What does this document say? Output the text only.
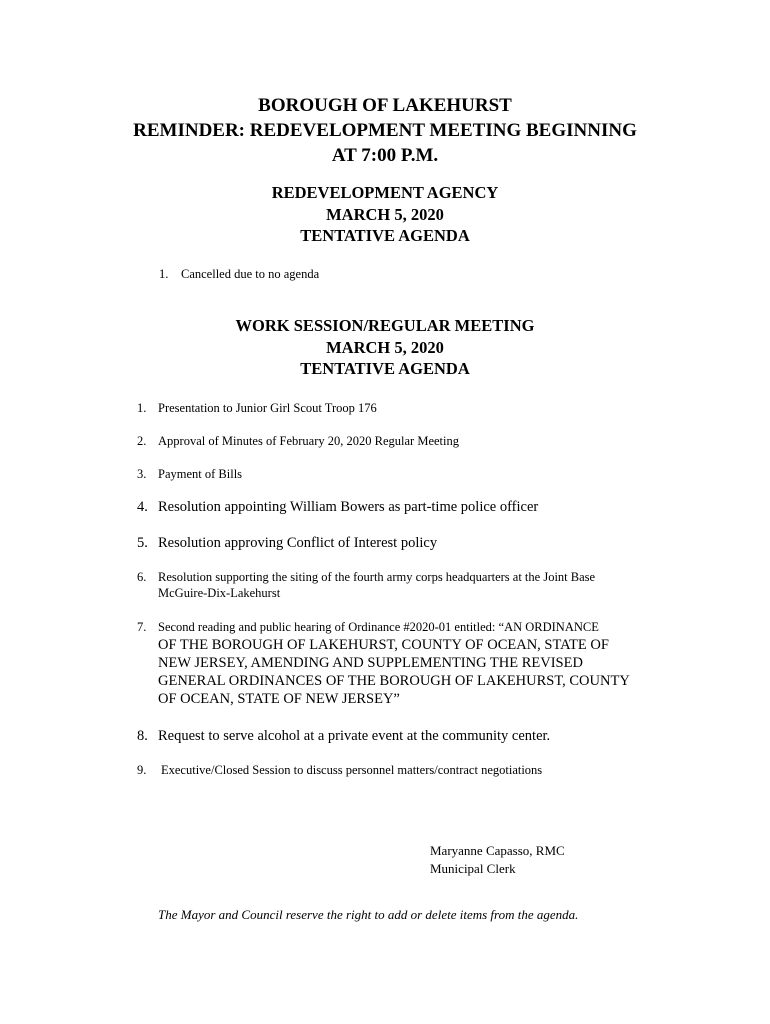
BOROUGH OF LAKEHURST
REMINDER: REDEVELOPMENT MEETING BEGINNING
AT 7:00 P.M.
REDEVELOPMENT AGENCY
MARCH 5, 2020
TENTATIVE AGENDA
1. Cancelled due to no agenda
WORK SESSION/REGULAR MEETING
MARCH 5, 2020
TENTATIVE AGENDA
1. Presentation to Junior Girl Scout Troop 176
2. Approval of Minutes of February 20, 2020 Regular Meeting
3. Payment of Bills
4. Resolution appointing William Bowers as part-time police officer
5. Resolution approving Conflict of Interest policy
6. Resolution supporting the siting of the fourth army corps headquarters at the Joint Base
McGuire-Dix-Lakehurst
7. Second reading and public hearing of Ordinance #2020-01 entitled: “AN ORDINANCE
OF THE BOROUGH OF LAKEHURST, COUNTY OF OCEAN, STATE OF
NEW JERSEY, AMENDING AND SUPPLEMENTING THE REVISED
GENERAL ORDINANCES OF THE BOROUGH OF LAKEHURST, COUNTY
OF OCEAN, STATE OF NEW JERSEY”
8. Request to serve alcohol at a private event at the community center.
9. Executive/Closed Session to discuss personnel matters/contract negotiations
Maryanne Capasso, RMC
Municipal Clerk
The Mayor and Council reserve the right to add or delete items from the agenda.
